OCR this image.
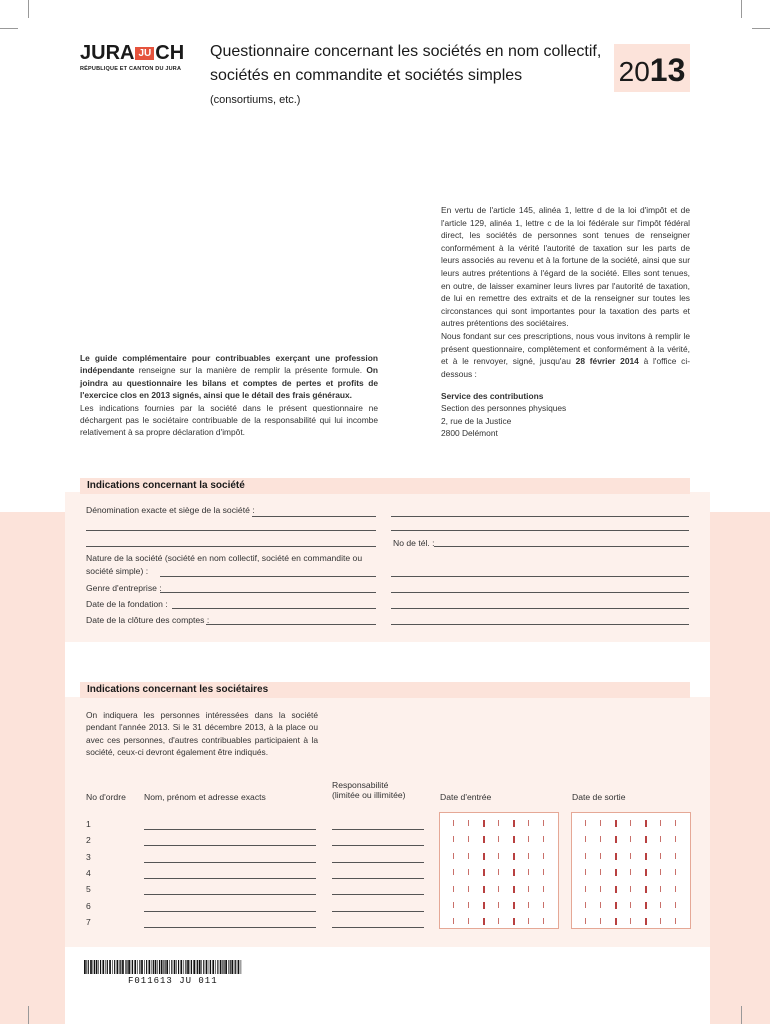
JURA JU CH
RÉPUBLIQUE ET CANTON DU JURA
Questionnaire concernant les sociétés en nom collectif,
sociétés en commandite et sociétés simples
(consortiums, etc.)
2013
En vertu de l'article 145, alinéa 1, lettre d de la loi d'impôt et de l'article 129, alinéa 1, lettre c de la loi fédérale sur l'impôt fédéral direct, les sociétés de personnes sont tenues de renseigner conformément à la vérité l'autorité de taxation sur les parts de leurs associés au revenu et à la fortune de la société, ainsi que sur leurs autres prétentions à l'égard de la société. Elles sont tenues, en outre, de laisser examiner leurs livres par l'autorité de taxation, de lui en remettre des extraits et de la renseigner sur toutes les circonstances qui sont importantes pour la taxation des parts et autres prétentions des sociétaires.
Nous fondant sur ces prescriptions, nous vous invitons à remplir le présent questionnaire, complètement et conformément à la vérité, et à le renvoyer, signé, jusqu'au 28 février 2014 à l'office ci-dessous :
Le guide complémentaire pour contribuables exerçant une profession indépendante renseigne sur la manière de remplir la présente formule. On joindra au questionnaire les bilans et comptes de pertes et profits de l'exercice clos en 2013 signés, ainsi que le détail des frais généraux.
Les indications fournies par la société dans le présent questionnaire ne déchargent pas le sociétaire contribuable de la responsabilité qui lui incombe relativement à sa propre déclaration d'impôt.
Service des contributions
Section des personnes physiques
2, rue de la Justice
2800 Delémont
Indications concernant la société
Dénomination exacte et siège de la société :
No de tél. :
Nature de la société (société en nom collectif, société en commandite ou
société simple) :
Genre d'entreprise :
Date de la fondation :
Date de la clôture des comptes :
Indications concernant les sociétaires
On indiquera les personnes intéressées dans la société pendant l'année 2013. Si le 31 décembre 2013, à la place ou avec ces personnes, d'autres contribuables participaient à la société, ceux-ci devront également être indiqués.
No d'ordre Nom, prénom et adresse exacts
Responsabilité
(limitée ou illimitée)	Date d'entrée	Date de sortie
1
2
3
4
5
6
7
F011613 JU 011
